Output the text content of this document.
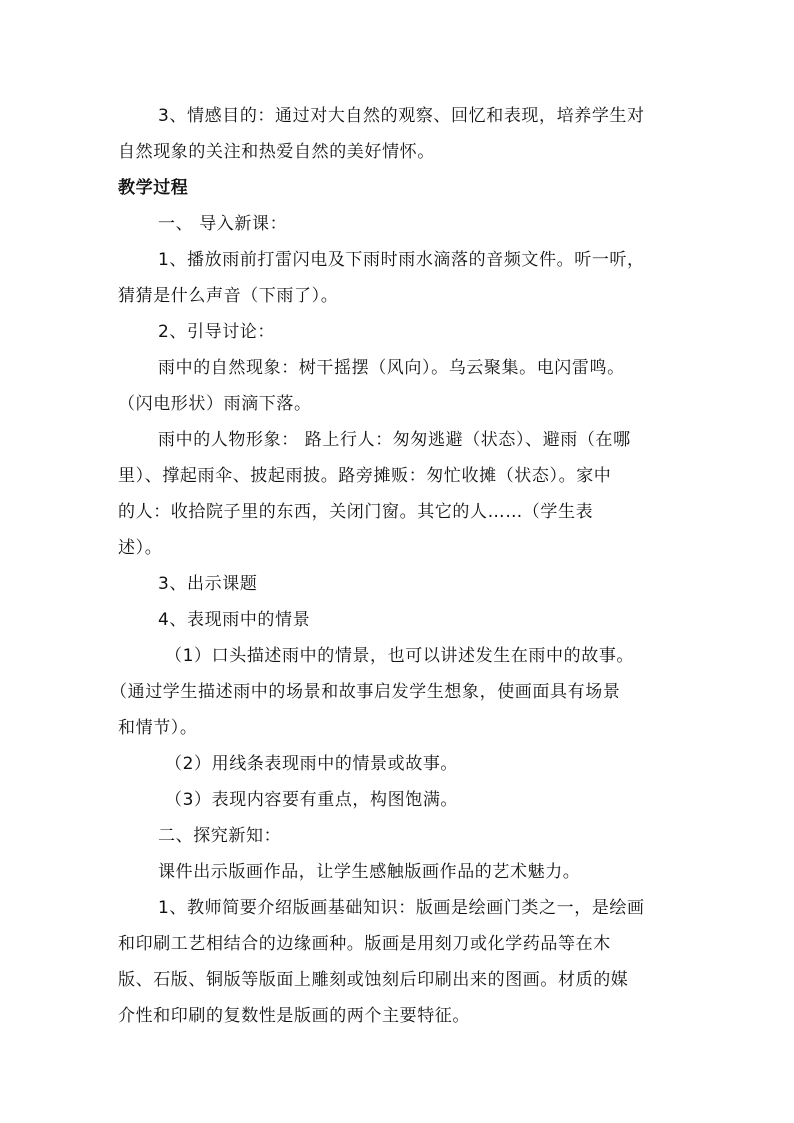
3、情感目的：通过对大自然的观察、回忆和表现，培养学生对
自然现象的关注和热爱自然的美好情怀。
教学过程
一、 导入新课：
1、播放雨前打雷闪电及下雨时雨水滴落的音频文件。听一听，
猜猜是什么声音（下雨了）。
2、引导讨论：
雨中的自然现象：树干摇摆（风向）。乌云聚集。电闪雷鸣。
（闪电形状）雨滴下落。
雨中的人物形象： 路上行人：匆匆逃避（状态）、避雨（在哪
里）、撑起雨伞、披起雨披。路旁摊贩：匆忙收摊（状态）。家中
的人：收拾院子里的东西，关闭门窗。其它的人……（学生表
述）。
3、出示课题
4、表现雨中的情景
（1）口头描述雨中的情景，也可以讲述发生在雨中的故事。
（通过学生描述雨中的场景和故事启发学生想象，使画面具有场景
和情节）。
（2）用线条表现雨中的情景或故事。
（3）表现内容要有重点，构图饱满。
二、探究新知：
课件出示版画作品，让学生感触版画作品的艺术魅力。
1、教师简要介绍版画基础知识：版画是绘画门类之一，是绘画
和印刷工艺相结合的边缘画种。版画是用刻刀或化学药品等在木
版、石版、铜版等版面上雕刻或蚀刻后印刷出来的图画。材质的媒
介性和印刷的复数性是版画的两个主要特征。
